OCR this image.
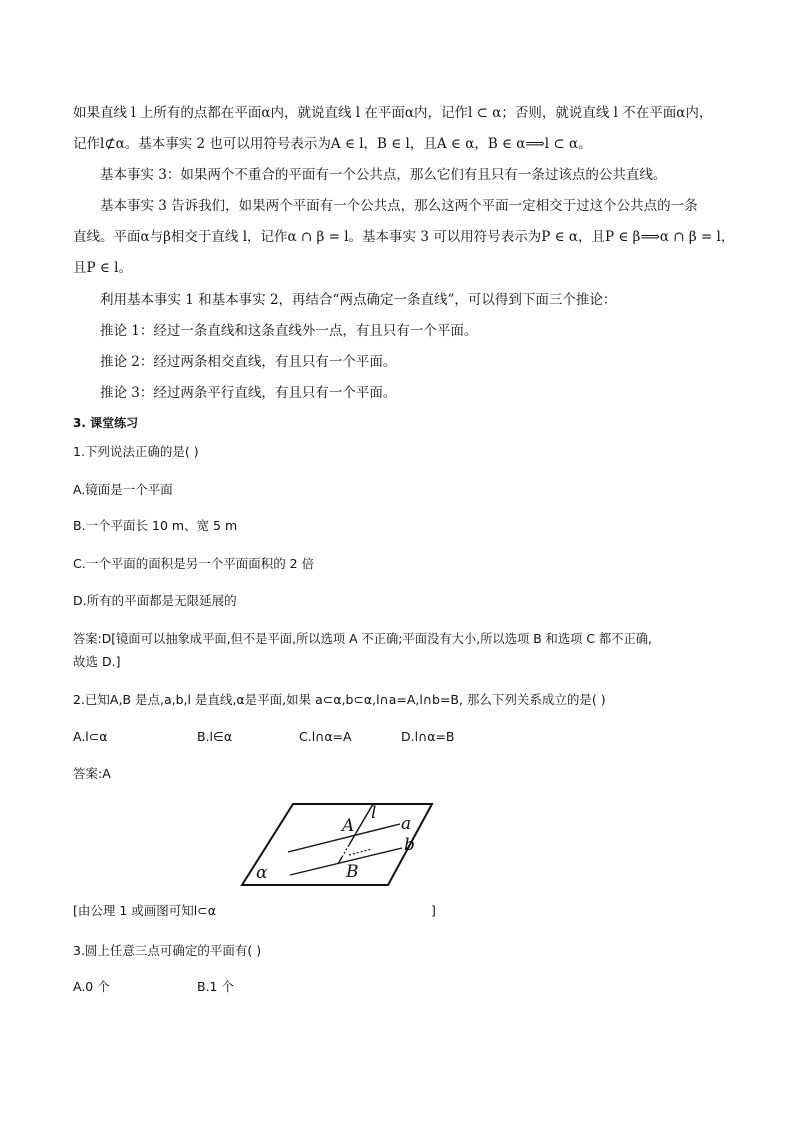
如果直线 l 上所有的点都在平面α内，就说直线 l 在平面α内，记作l ⊂ α；否则，就说直线 l 不在平面α内，
记作l⊄α。基本事实 2 也可以用符号表示为A ∈ l，B ∈ l，且A ∈ α，B ∈ α⟹l ⊂ α。
基本事实 3：如果两个不重合的平面有一个公共点，那么它们有且只有一条过该点的公共直线。
基本事实 3 告诉我们，如果两个平面有一个公共点，那么这两个平面一定相交于过这个公共点的一条
直线。平面α与β相交于直线 l，记作α ∩ β = l。基本事实 3 可以用符号表示为P ∈ α，且P ∈ β⟹α ∩ β = l，
且P ∈ l。
利用基本事实 1 和基本事实 2，再结合“两点确定一条直线”，可以得到下面三个推论：
推论 1：经过一条直线和这条直线外一点，有且只有一个平面。
推论 2：经过两条相交直线，有且只有一个平面。
推论 3：经过两条平行直线，有且只有一个平面。
3. 课堂练习
1.下列说法正确的是( )
A.镜面是一个平面
B.一个平面长 10 m、宽 5 m
C.一个平面的面积是另一个平面面积的 2 倍
D.所有的平面都是无限延展的
答案:D[镜面可以抽象成平面,但不是平面,所以选项 A 不正确;平面没有大小,所以选项 B 和选项 C 都不正确,
故选 D.]
2.已知A,B 是点,a,b,l 是直线,α是平面,如果 a⊂α,b⊂α,l∩a=A,l∩b=B, 那么下列关系成立的是( )
A.l⊂α	B.l∈α	C.l∩α=A	D.l∩α=B
答案:A
A
l
a
b
B
α
[由公理 1 或画图可知l⊂α	]
3.圆上任意三点可确定的平面有( )
A.0 个	B.1 个
